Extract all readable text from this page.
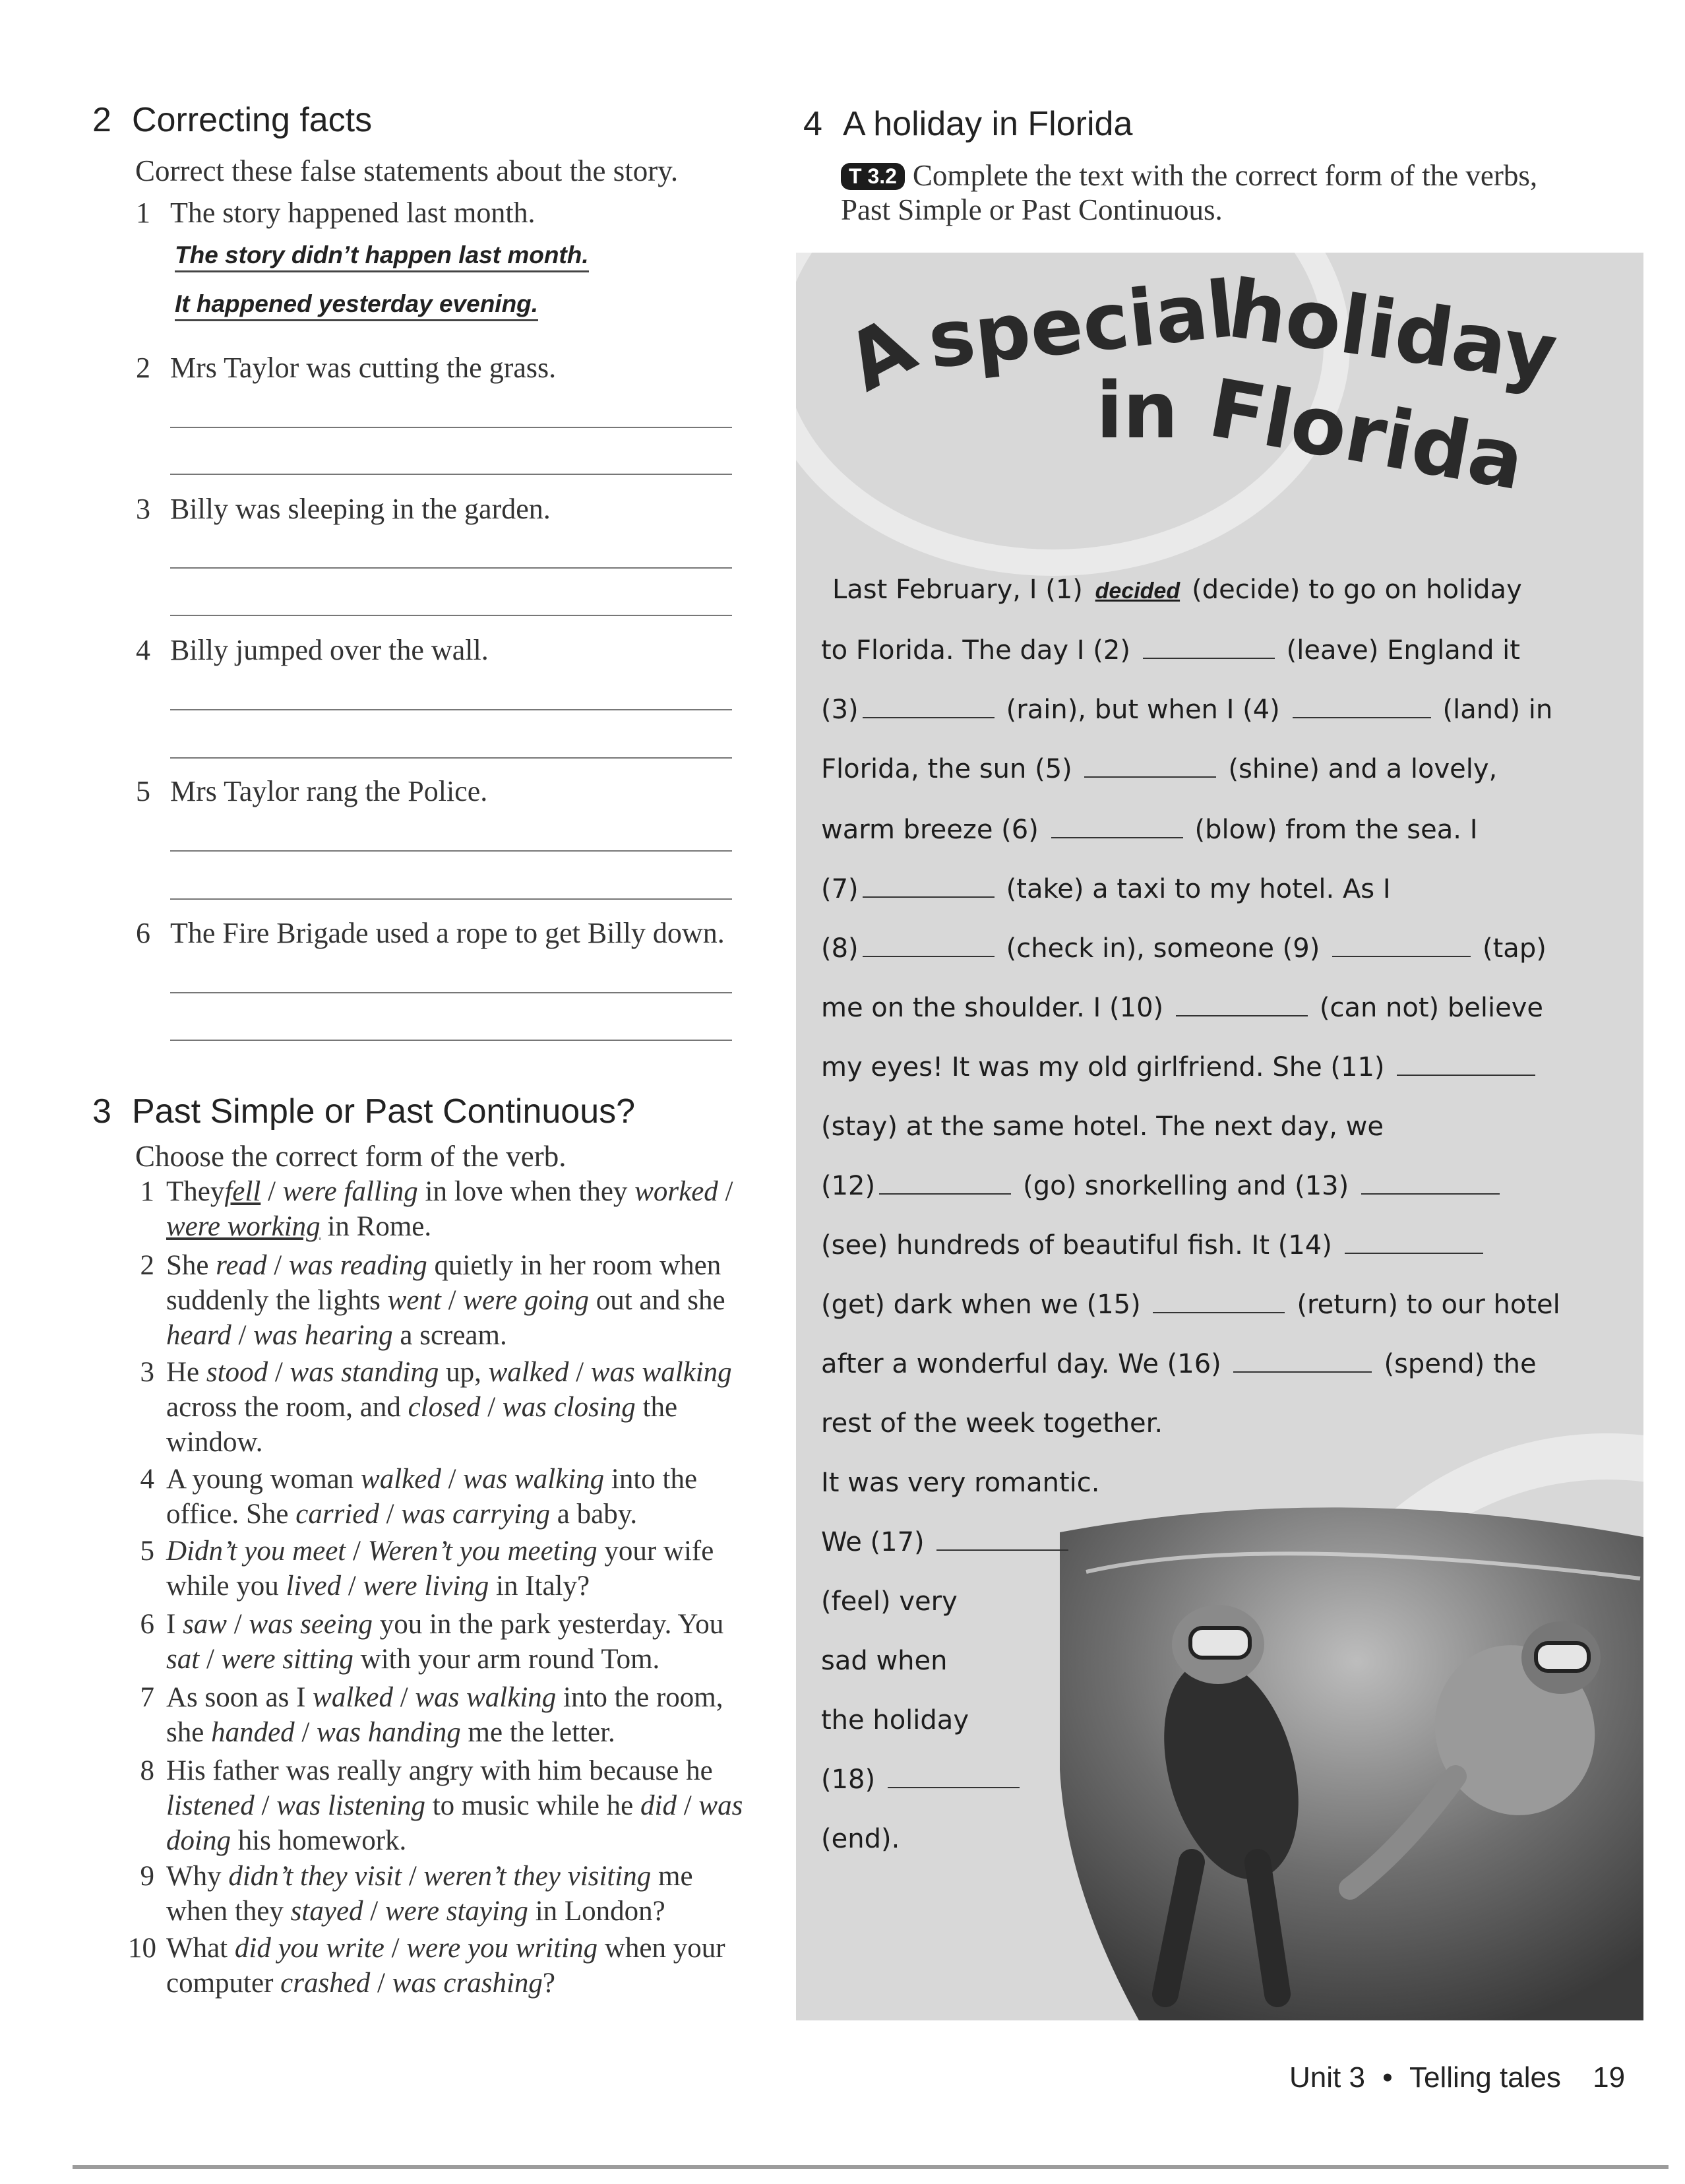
2 Correcting facts
Correct these false statements about the story.
1 The story happened last month.
The story didn’t happen last month.
It happened yesterday evening.
2 Mrs Taylor was cutting the grass.
3 Billy was sleeping in the garden.
4 Billy jumped over the wall.
5 Mrs Taylor rang the Police.
6 The Fire Brigade used a rope to get Billy down.
3 Past Simple or Past Continuous?
Choose the correct form of the verb.
1 Theyfell / were falling in love when they worked / were working in Rome.
2 She read / was reading quietly in her room when suddenly the lights went / were going out and she heard / was hearing a scream.
3 He stood / was standing up, walked / was walking across the room, and closed / was closing the window.
4 A young woman walked / was walking into the office. She carried / was carrying a baby.
5 Didn’t you meet / Weren’t you meeting your wife while you lived / were living in Italy?
6 I saw / was seeing you in the park yesterday. You sat / were sitting with your arm round Tom.
7 As soon as I walked / was walking into the room, she handed / was handing me the letter.
8 His father was really angry with him because he listened / was listening to music while he did / was doing his homework.
9 Why didn’t they visit / weren’t they visiting me when they stayed / were staying in London?
10 What did you write / were you writing when your computer crashed / was crashing?
4 A holiday in Florida
T 3.2 Complete the text with the correct form of the verbs,
Past Simple or Past Continuous.
A
special
holiday
in Florida
Last February, I (1) decided (decide) to go on holiday
to Florida. The day I (2)	(leave) England it
(3)	(rain), but when I (4)	(land) in
Florida, the sun (5)	(shine) and a lovely,
warm breeze (6)	(blow) from the sea. I
(7)	(take) a taxi to my hotel. As I
(8)	(check in), someone (9)	(tap)
me on the shoulder. I (10)	(can not) believe
my eyes! It was my old girlfriend. She (11)
(stay) at the same hotel. The next day, we
(12)	(go) snorkelling and (13)
(see) hundreds of beautiful fish. It (14)
(get) dark when we (15)	(return) to our hotel
after a wonderful day. We (16)	(spend) the
rest of the week together.
It was very romantic.
We (17)
(feel) very
sad when
the holiday
(18)
(end).
Unit 3 • Telling tales 19
